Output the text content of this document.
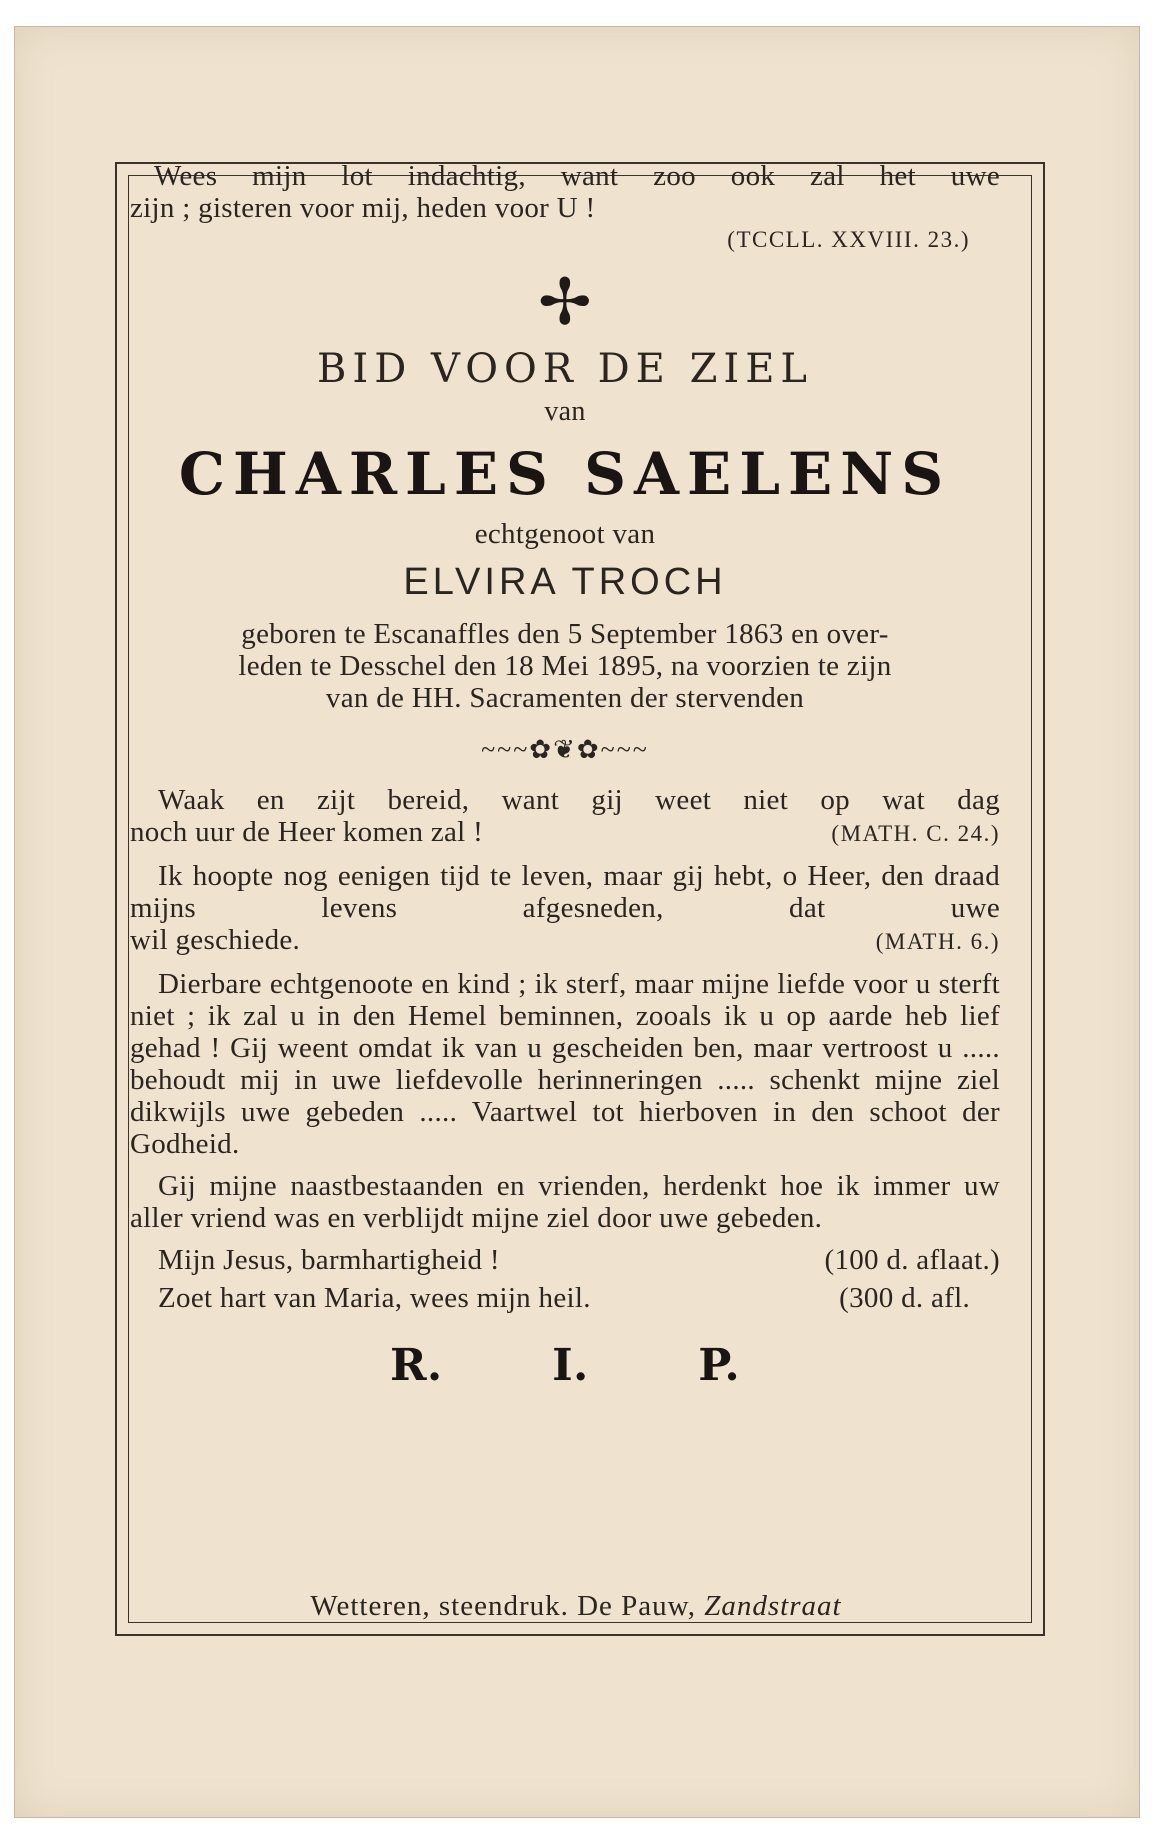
Wees mijn lot indachtig, want zoo ook zal het uwe
zijn ; gisteren voor mij, heden voor U !
(TCCLL. XXVIII. 23.)
✢
BID VOOR DE ZIEL
van
CHARLES SAELENS
echtgenoot van
ELVIRA TROCH

geboren te Escanaffles den 5 September 1863 en over-

leden te Desschel den 18 Mei 1895, na voorzien te zijn

van de HH. Sacramenten der stervenden

~~~✿❦✿~~~
Waak en zijt bereid, want gij weet niet op wat dag
noch uur de Heer komen zal !	(MATH. C. 24.)
Ik hoopte nog eenigen tijd te leven, maar gij hebt, o Heer, den draad mijns levens afgesneden, dat uwe
wil geschiede.	(MATH. 6.)
Dierbare echtgenoote en kind ; ik sterf, maar mijne liefde voor u sterft niet ; ik zal u in den Hemel beminnen, zooals ik u op aarde heb lief gehad ! Gij weent omdat ik van u gescheiden ben, maar vertroost u ..... behoudt mij in uwe liefdevolle herinneringen ..... schenkt mijne ziel dikwijls uwe gebeden ..... Vaartwel tot hierboven in den schoot der Godheid.
Gij mijne naastbestaanden en vrienden, herdenkt hoe ik immer uw aller vriend was en verblijdt mijne ziel door uwe gebeden.
Mijn Jesus, barmhartigheid !	(100 d. aflaat.)
Zoet hart van Maria, wees mijn heil.	(300 d. afl.
R. I. P.
Wetteren, steendruk. De Pauw, Zandstraat
